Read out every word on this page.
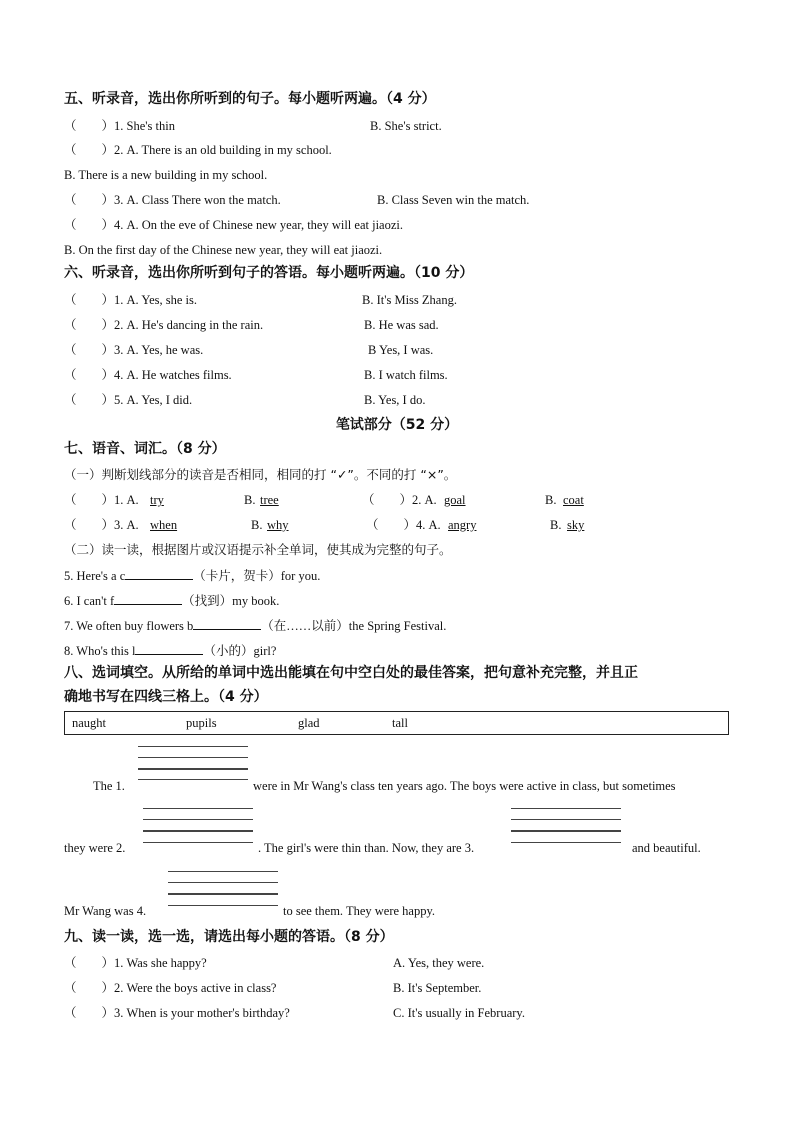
五、听录音，选出你所听到的句子。每小题听两遍。（4 分）
（　　）1. She's thin	B. She's strict.
（　　）2. A. There is an old building in my school.
B. There is a new building in my school.
（　　）3. A. Class There won the match.	B. Class Seven win the match.
（　　）4. A. On the eve of Chinese new year, they will eat jiaozi.
B. On the first day of the Chinese new year, they will eat jiaozi.
六、听录音，选出你所听到句子的答语。每小题听两遍。（10 分）
（　　）1. A. Yes, she is.	B. It's Miss Zhang.
（　　）2. A. He's dancing in the rain.	B. He was sad.
（　　）3. A. Yes, he was.	B Yes, I was.
（　　）4. A. He watches films.	B. I watch films.
（　　）5. A. Yes, I did.	B. Yes, I do.
笔试部分（52 分）
七、语音、词汇。（8 分）
（一）判断划线部分的读音是否相同，相同的打 “✓”。不同的打 “×”。
（　　）1. A. try	B. tree	（　　）2. A. goal	B. coat
（　　）3. A. when	B. why	（　　）4. A. angry	B. sky
（二）读一读，根据图片或汉语提示补全单词，使其成为完整的句子。
5. Here's a c	（卡片，贺卡）for you.
6. I can't f	（找到）my book.
7. We often buy flowers b	（在……以前）the Spring Festival.
8. Who's this l	（小的）girl?
八、选词填空。从所给的单词中选出能填在句中空白处的最佳答案，把句意补充完整，并且正
确地书写在四线三格上。（4 分）
naught	pupils	glad	tall
The 1.	were in Mr Wang's class ten years ago. The boys were active in class, but sometimes
they were 2.	. The girl's were thin than. Now, they are 3.	and beautiful.
Mr Wang was 4.	to see them. They were happy.
九、读一读，选一选，请选出每小题的答语。（8 分）
（　　）1. Was she happy?	A. Yes, they were.
（　　）2. Were the boys active in class?	B. It's September.
（　　）3. When is your mother's birthday?	C. It's usually in February.
